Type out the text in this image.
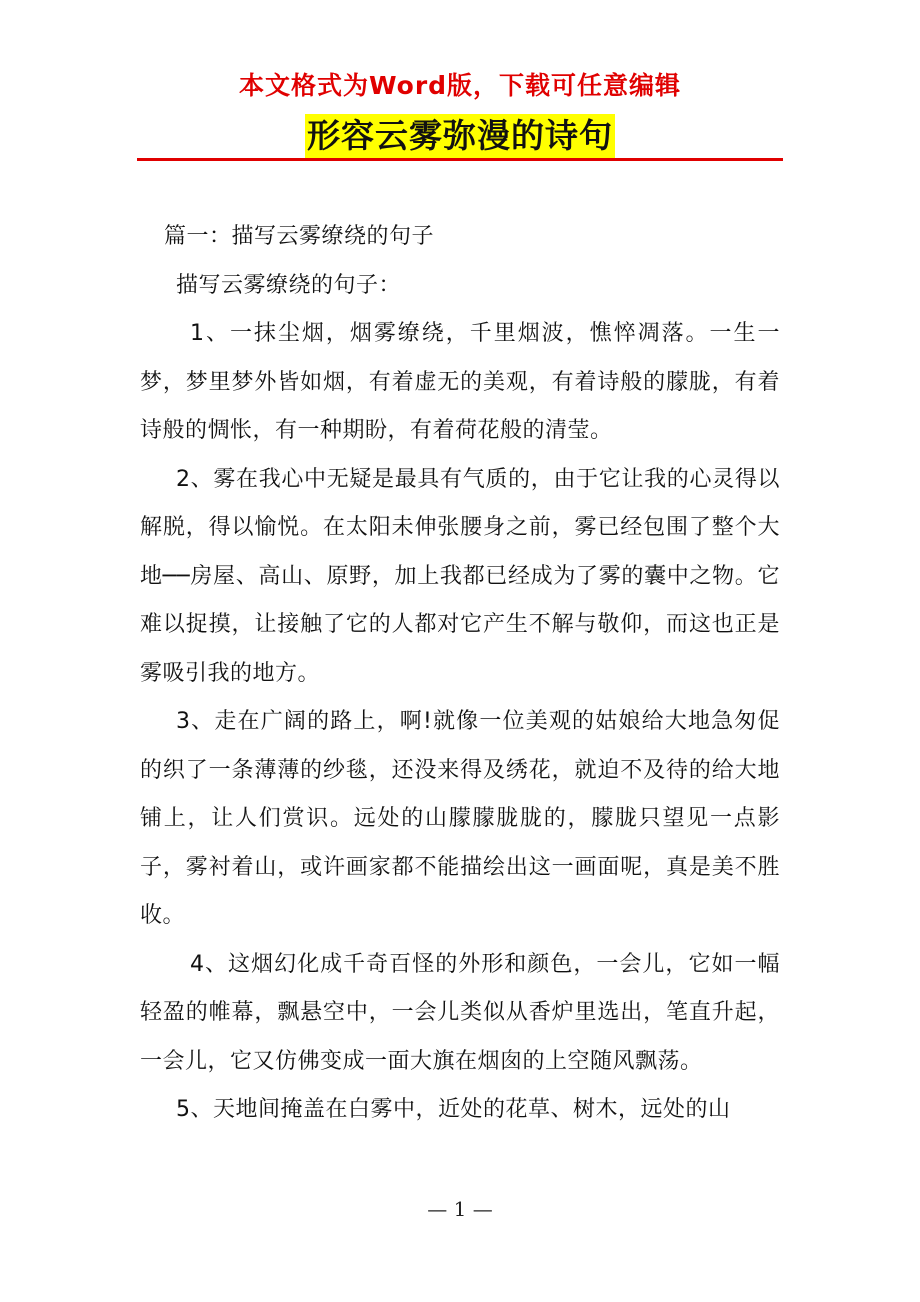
本文格式为Word版，下载可任意编辑
形容云雾弥漫的诗句

篇一：描写云雾缭绕的句子

描写云雾缭绕的句子：

1、一抹尘烟，烟雾缭绕，千里烟波，憔悴凋落。一生一梦，梦里梦外皆如烟，有着虚无的美观，有着诗般的朦胧，有着诗般的惆怅，有一种期盼，有着荷花般的清莹。

2、雾在我心中无疑是最具有气质的，由于它让我的心灵得以解脱，得以愉悦。在太阳未伸张腰身之前，雾已经包围了整个大地──房屋、高山、原野，加上我都已经成为了雾的囊中之物。它难以捉摸，让接触了它的人都对它产生不解与敬仰，而这也正是雾吸引我的地方。

3、走在广阔的路上，啊!就像一位美观的姑娘给大地急匆促的织了一条薄薄的纱毯，还没来得及绣花，就迫不及待的给大地铺上，让人们赏识。远处的山朦朦胧胧的，朦胧只望见一点影子，雾衬着山，或许画家都不能描绘出这一画面呢，真是美不胜收。

4、这烟幻化成千奇百怪的外形和颜色，一会儿，它如一幅轻盈的帷幕，飘悬空中，一会儿类似从香炉里选出，笔直升起，一会儿，它又仿佛变成一面大旗在烟囱的上空随风飘荡。

5、天地间掩盖在白雾中，近处的花草、树木，远处的山

— 1 —
